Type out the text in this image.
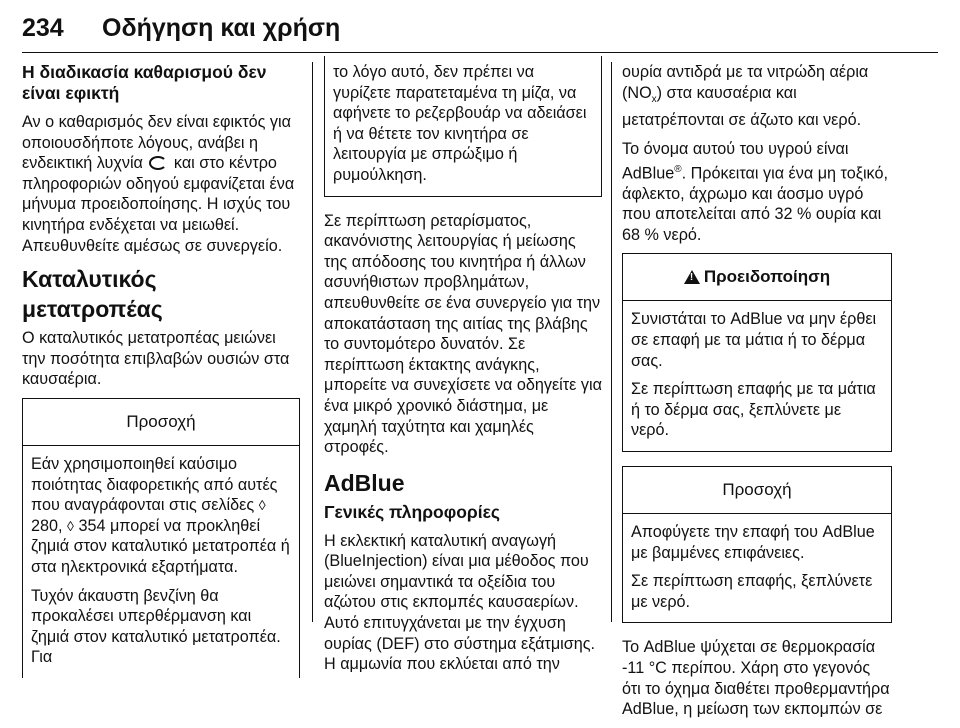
234 Οδήγηση και χρήση
Η διαδικασία καθαρισμού δεν είναι εφικτή

Αν ο καθαρισμός δεν είναι εφικτός για οποιουσδήποτε λόγους, ανάβει η ενδεικτική λυχνία και στο κέντρο πληροφοριών οδηγού εμφανίζεται ένα μήνυμα προειδοποίησης. Η ισχύς του κινητήρα ενδέχεται να μειωθεί. Απευθυνθείτε αμέσως σε συνεργείο.

Καταλυτικός μετατροπέας

Ο καταλυτικός μετατροπέας μειώνει την ποσότητα επιβλαβών ουσιών στα καυσαέρια.

Προσοχή

Εάν χρησιμοποιηθεί καύσιμο ποιότητας διαφορετικής από αυτές που αναγράφονται στις σελίδες ◊ 280, ◊ 354 μπορεί να προκληθεί ζημιά στον καταλυτικό μετατροπέα ή στα ηλεκτρονικά εξαρτήματα.

Τυχόν άκαυστη βενζίνη θα προκαλέσει υπερθέρμανση και ζημιά στον καταλυτικό μετατροπέα. Για

το λόγο αυτό, δεν πρέπει να γυρίζετε παρατεταμένα τη μίζα, να αφήνετε το ρεζερβουάρ να αδειάσει ή να θέτετε τον κινητήρα σε λειτουργία με σπρώξιμο ή ρυμούλκηση.

Σε περίπτωση ρεταρίσματος, ακανόνιστης λειτουργίας ή μείωσης της απόδοσης του κινητήρα ή άλλων ασυνήθιστων προβλημάτων, απευθυνθείτε σε ένα συνεργείο για την αποκατάσταση της αιτίας της βλάβης το συντομότερο δυνατόν. Σε περίπτωση έκτακτης ανάγκης, μπορείτε να συνεχίσετε να οδηγείτε για ένα μικρό χρονικό διάστημα, με χαμηλή ταχύτητα και χαμηλές στροφές.

AdBlue
Γενικές πληροφορίες

Η εκλεκτική καταλυτική αναγωγή (BlueInjection) είναι μια μέθοδος που μειώνει σημαντικά τα οξείδια του αζώτου στις εκπομπές καυσαερίων. Αυτό επιτυγχάνεται με την έγχυση ουρίας (DEF) στο σύστημα εξάτμισης. Η αμμωνία που εκλύεται από την

ουρία αντιδρά με τα νιτρώδη αέρια $(NO_x)$ στα καυσαέρια και μετατρέπονται σε άζωτο και νερό.

Το όνομα αυτού του υγρού είναι AdBlue®. Πρόκειται για ένα μη τοξικό, άφλεκτο, άχρωμο και άοσμο υγρό που αποτελείται από 32 % ουρία και 68 % νερό.

!Προειδοποίηση

Συνιστάται το AdBlue να μην έρθει σε επαφή με τα μάτια ή το δέρμα σας.

Σε περίπτωση επαφής με τα μάτια ή το δέρμα σας, ξεπλύνετε με νερό.

Προσοχή

Αποφύγετε την επαφή του AdBlue με βαμμένες επιφάνειες.

Σε περίπτωση επαφής, ξεπλύνετε με νερό.

Το AdBlue ψύχεται σε θερμοκρασία -11 °C περίπου. Χάρη στο γεγονός ότι το όχημα διαθέτει προθερμαντήρα AdBlue, η μείωση των εκπομπών σε
